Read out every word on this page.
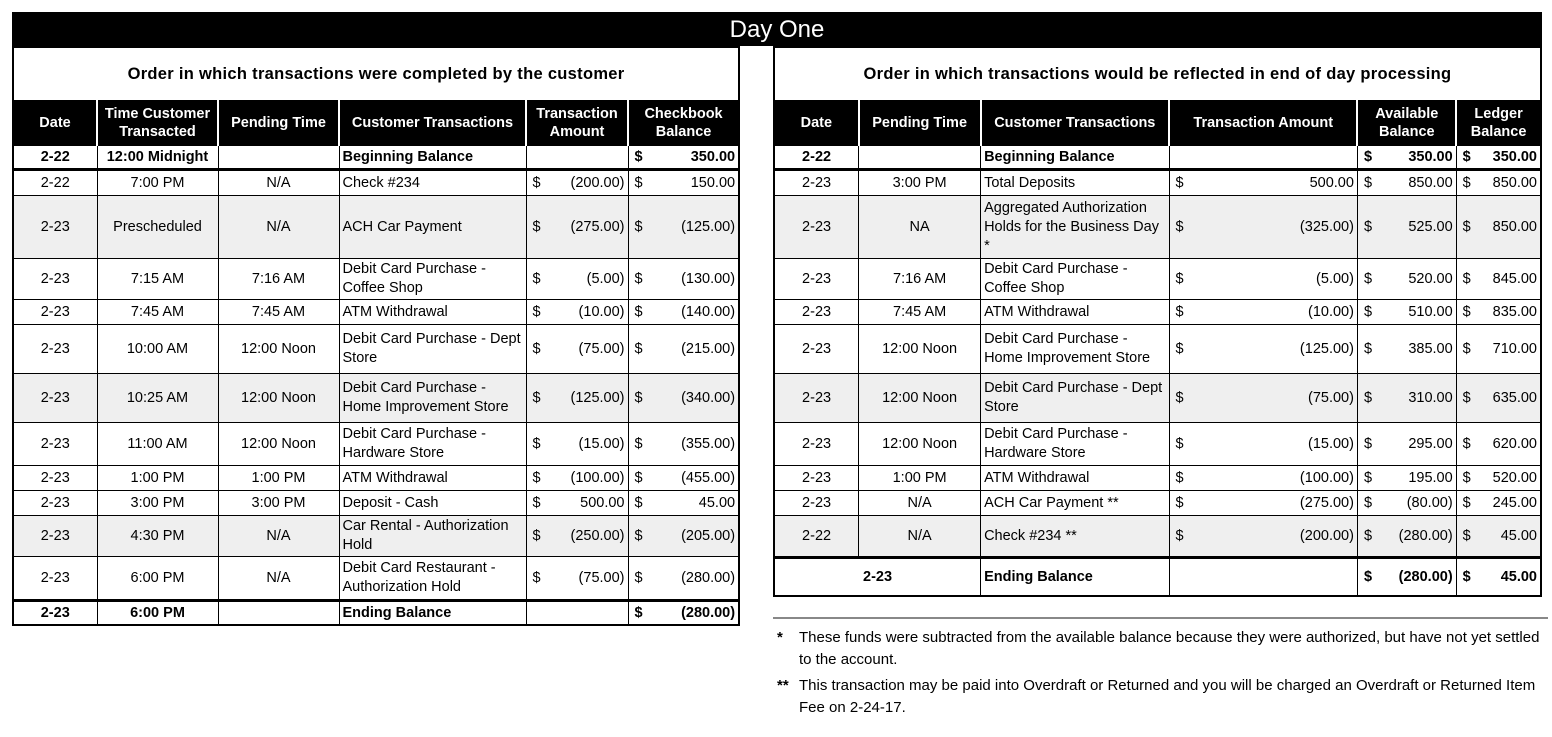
Day One
Order in which transactions were completed by the customer							
Date	Time Customer Transacted	Pending Time	Customer Transactions	Transaction Amount		Checkbook Balance	
2-22	12:00 Midnight		Beginning Balance			$	350.00
2-22	7:00 PM	N/A	Check #234	$	(200.00)	$	150.00
2-23	Prescheduled	N/A	ACH Car Payment	$	(275.00)	$	(125.00)
2-23	7:15 AM	7:16 AM	Debit Card Purchase - Coffee Shop	$	(5.00)	$	(130.00)
2-23	7:45 AM	7:45 AM	ATM Withdrawal	$	(10.00)	$	(140.00)
2-23	10:00 AM	12:00 Noon	Debit Card Purchase - Dept Store	$	(75.00)	$	(215.00)
2-23	10:25 AM	12:00 Noon	Debit Card Purchase - Home Improvement Store	$	(125.00)	$	(340.00)
2-23	11:00 AM	12:00 Noon	Debit Card Purchase - Hardware Store	$	(15.00)	$	(355.00)
2-23	1:00 PM	1:00 PM	ATM Withdrawal	$	(100.00)	$	(455.00)
2-23	3:00 PM	3:00 PM	Deposit - Cash	$	500.00	$	45.00
2-23	4:30 PM	N/A	Car Rental - Authorization Hold	$	(250.00)	$	(205.00)
2-23	6:00 PM	N/A	Debit Card Restaurant - Authorization Hold	$	(75.00)	$	(280.00)
2-23	6:00 PM		Ending Balance			$	(280.00)
Order in which transactions would be reflected in end of day processing								
Date	Pending Time	Customer Transactions	Transaction Amount		Available Balance		Ledger Balance	
2-22		Beginning Balance			$	350.00	$	350.00
2-23	3:00 PM	Total Deposits	$	500.00	$	850.00	$	850.00
2-23	NA	Aggregated Authorization Holds for the Business Day *	$	(325.00)	$	525.00	$	850.00
2-23	7:16 AM	Debit Card Purchase - Coffee Shop	$	(5.00)	$	520.00	$	845.00
2-23	7:45 AM	ATM Withdrawal	$	(10.00)	$	510.00	$	835.00
2-23	12:00 Noon	Debit Card Purchase - Home Improvement Store	$	(125.00)	$	385.00	$	710.00
2-23	12:00 Noon	Debit Card Purchase - Dept Store	$	(75.00)	$	310.00	$	635.00
2-23	12:00 Noon	Debit Card Purchase - Hardware Store	$	(15.00)	$	295.00	$	620.00
2-23	1:00 PM	ATM Withdrawal	$	(100.00)	$	195.00	$	520.00
2-23	N/A	ACH Car Payment **	$	(275.00)	$	(80.00)	$	245.00
2-22	N/A	Check #234 **	$	(200.00)	$	(280.00)	$	45.00
2-23		Ending Balance			$	(280.00)	$	45.00
* These funds were subtracted from the available balance because they were authorized, but have not yet settled to the account.
** This transaction may be paid into Overdraft or Returned and you will be charged an Overdraft or Returned Item Fee on 2-24-17.
